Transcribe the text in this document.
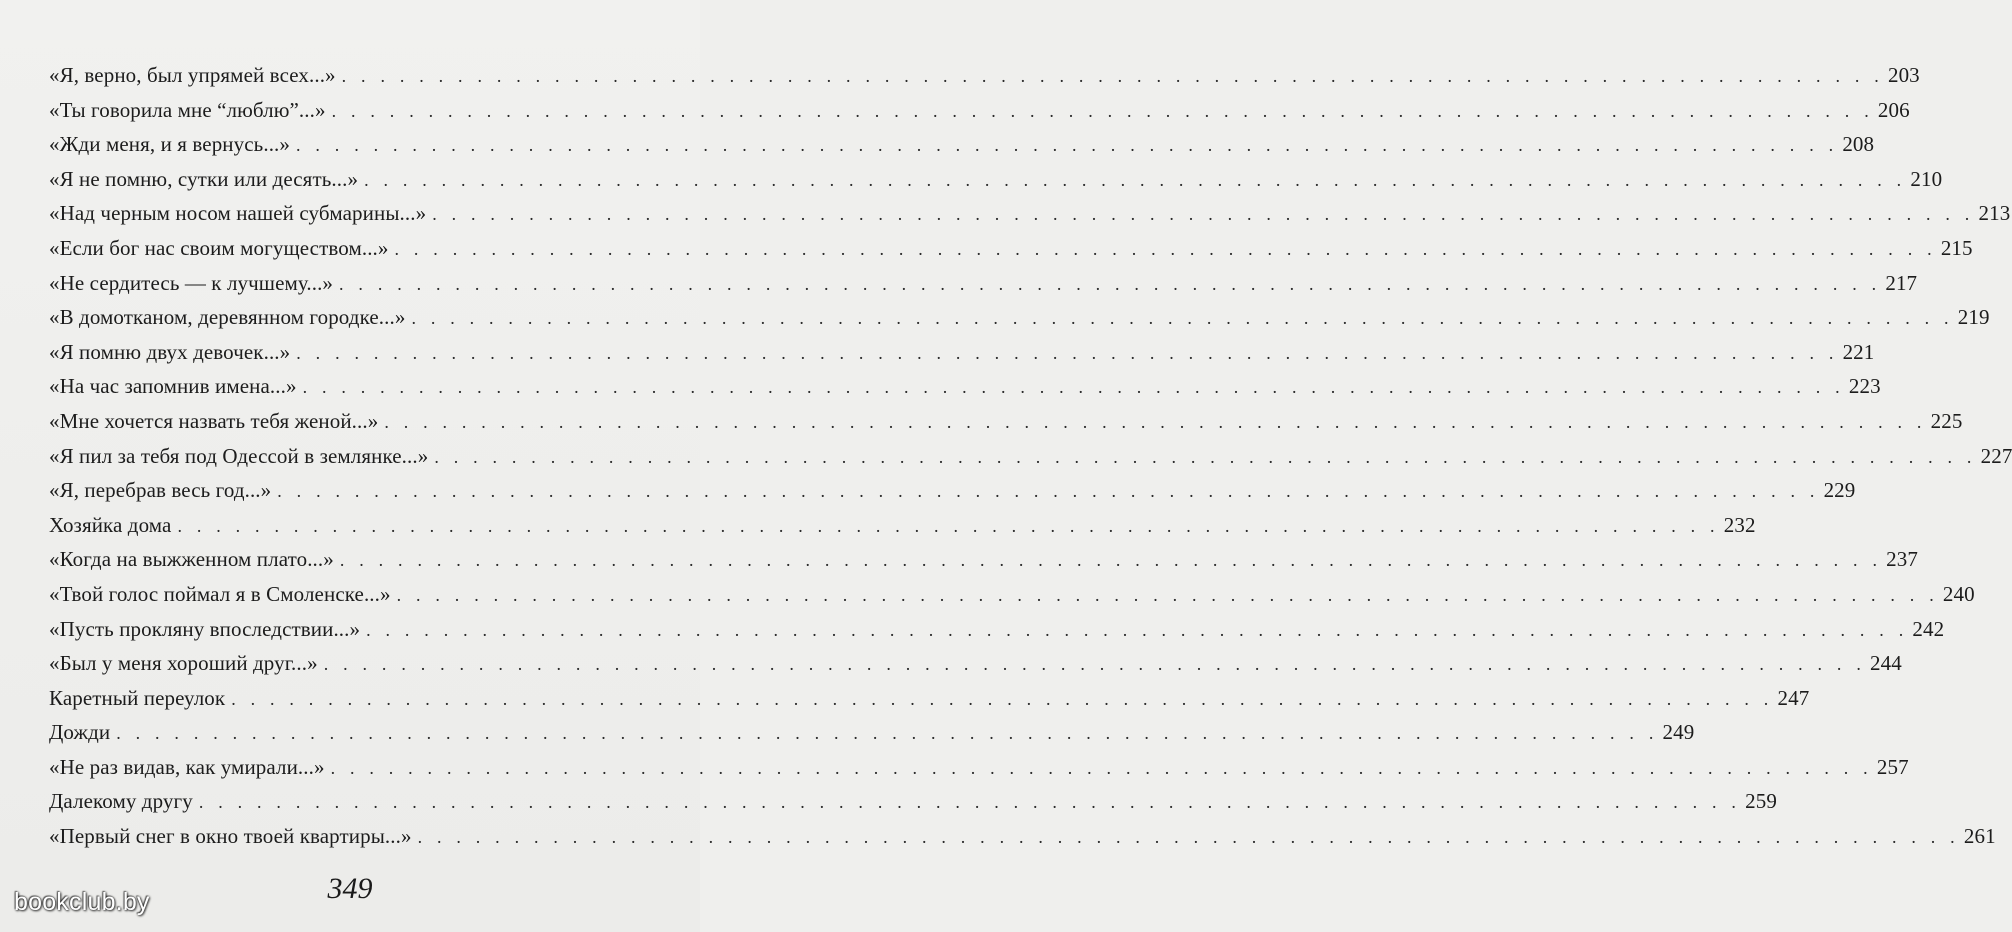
«Я, верно, был упрямей всех...» . . . . . . . . . . . . . . . . . . . . . . . . . . . . . . . . . . . . . . . . . . . . . . . . . . . . . . . . . . . . . . . . . . . . . . . . . . . . . . . . 203
«Ты говорила мне “люблю”...» . . . . . . . . . . . . . . . . . . . . . . . . . . . . . . . . . . . . . . . . . . . . . . . . . . . . . . . . . . . . . . . . . . . . . . . . . . . . . . . . 206
«Жди меня, и я вернусь...» . . . . . . . . . . . . . . . . . . . . . . . . . . . . . . . . . . . . . . . . . . . . . . . . . . . . . . . . . . . . . . . . . . . . . . . . . . . . . . . . 208
«Я не помню, сутки или десять...» . . . . . . . . . . . . . . . . . . . . . . . . . . . . . . . . . . . . . . . . . . . . . . . . . . . . . . . . . . . . . . . . . . . . . . . . . . . . . . . . 210
«Над черным носом нашей субмарины...» . . . . . . . . . . . . . . . . . . . . . . . . . . . . . . . . . . . . . . . . . . . . . . . . . . . . . . . . . . . . . . . . . . . . . . . . . . . . . . . . 213
«Если бог нас своим могуществом...» . . . . . . . . . . . . . . . . . . . . . . . . . . . . . . . . . . . . . . . . . . . . . . . . . . . . . . . . . . . . . . . . . . . . . . . . . . . . . . . . 215
«Не сердитесь — к лучшему...» . . . . . . . . . . . . . . . . . . . . . . . . . . . . . . . . . . . . . . . . . . . . . . . . . . . . . . . . . . . . . . . . . . . . . . . . . . . . . . . . 217
«В домотканом, деревянном городке...» . . . . . . . . . . . . . . . . . . . . . . . . . . . . . . . . . . . . . . . . . . . . . . . . . . . . . . . . . . . . . . . . . . . . . . . . . . . . . . . . 219
«Я помню двух девочек...» . . . . . . . . . . . . . . . . . . . . . . . . . . . . . . . . . . . . . . . . . . . . . . . . . . . . . . . . . . . . . . . . . . . . . . . . . . . . . . . . 221
«На час запомнив имена...» . . . . . . . . . . . . . . . . . . . . . . . . . . . . . . . . . . . . . . . . . . . . . . . . . . . . . . . . . . . . . . . . . . . . . . . . . . . . . . . . 223
«Мне хочется назвать тебя женой...» . . . . . . . . . . . . . . . . . . . . . . . . . . . . . . . . . . . . . . . . . . . . . . . . . . . . . . . . . . . . . . . . . . . . . . . . . . . . . . . . 225
«Я пил за тебя под Одессой в землянке...» . . . . . . . . . . . . . . . . . . . . . . . . . . . . . . . . . . . . . . . . . . . . . . . . . . . . . . . . . . . . . . . . . . . . . . . . . . . . . . . . 227
«Я, перебрав весь год...» . . . . . . . . . . . . . . . . . . . . . . . . . . . . . . . . . . . . . . . . . . . . . . . . . . . . . . . . . . . . . . . . . . . . . . . . . . . . . . . . 229
Хозяйка дома . . . . . . . . . . . . . . . . . . . . . . . . . . . . . . . . . . . . . . . . . . . . . . . . . . . . . . . . . . . . . . . . . . . . . . . . . . . . . . . . 232
«Когда на выжженном плато...» . . . . . . . . . . . . . . . . . . . . . . . . . . . . . . . . . . . . . . . . . . . . . . . . . . . . . . . . . . . . . . . . . . . . . . . . . . . . . . . . 237
«Твой голос поймал я в Смоленске...» . . . . . . . . . . . . . . . . . . . . . . . . . . . . . . . . . . . . . . . . . . . . . . . . . . . . . . . . . . . . . . . . . . . . . . . . . . . . . . . . 240
«Пусть прокляну впоследствии...» . . . . . . . . . . . . . . . . . . . . . . . . . . . . . . . . . . . . . . . . . . . . . . . . . . . . . . . . . . . . . . . . . . . . . . . . . . . . . . . . 242
«Был у меня хороший друг...» . . . . . . . . . . . . . . . . . . . . . . . . . . . . . . . . . . . . . . . . . . . . . . . . . . . . . . . . . . . . . . . . . . . . . . . . . . . . . . . . 244
Каретный переулок . . . . . . . . . . . . . . . . . . . . . . . . . . . . . . . . . . . . . . . . . . . . . . . . . . . . . . . . . . . . . . . . . . . . . . . . . . . . . . . . 247
Дожди . . . . . . . . . . . . . . . . . . . . . . . . . . . . . . . . . . . . . . . . . . . . . . . . . . . . . . . . . . . . . . . . . . . . . . . . . . . . . . . . 249
«Не раз видав, как умирали...» . . . . . . . . . . . . . . . . . . . . . . . . . . . . . . . . . . . . . . . . . . . . . . . . . . . . . . . . . . . . . . . . . . . . . . . . . . . . . . . . 257
Далекому другу . . . . . . . . . . . . . . . . . . . . . . . . . . . . . . . . . . . . . . . . . . . . . . . . . . . . . . . . . . . . . . . . . . . . . . . . . . . . . . . . 259
«Первый снег в окно твоей квартиры...» . . . . . . . . . . . . . . . . . . . . . . . . . . . . . . . . . . . . . . . . . . . . . . . . . . . . . . . . . . . . . . . . . . . . . . . . . . . . . . . . 261
349
bookclub.by
